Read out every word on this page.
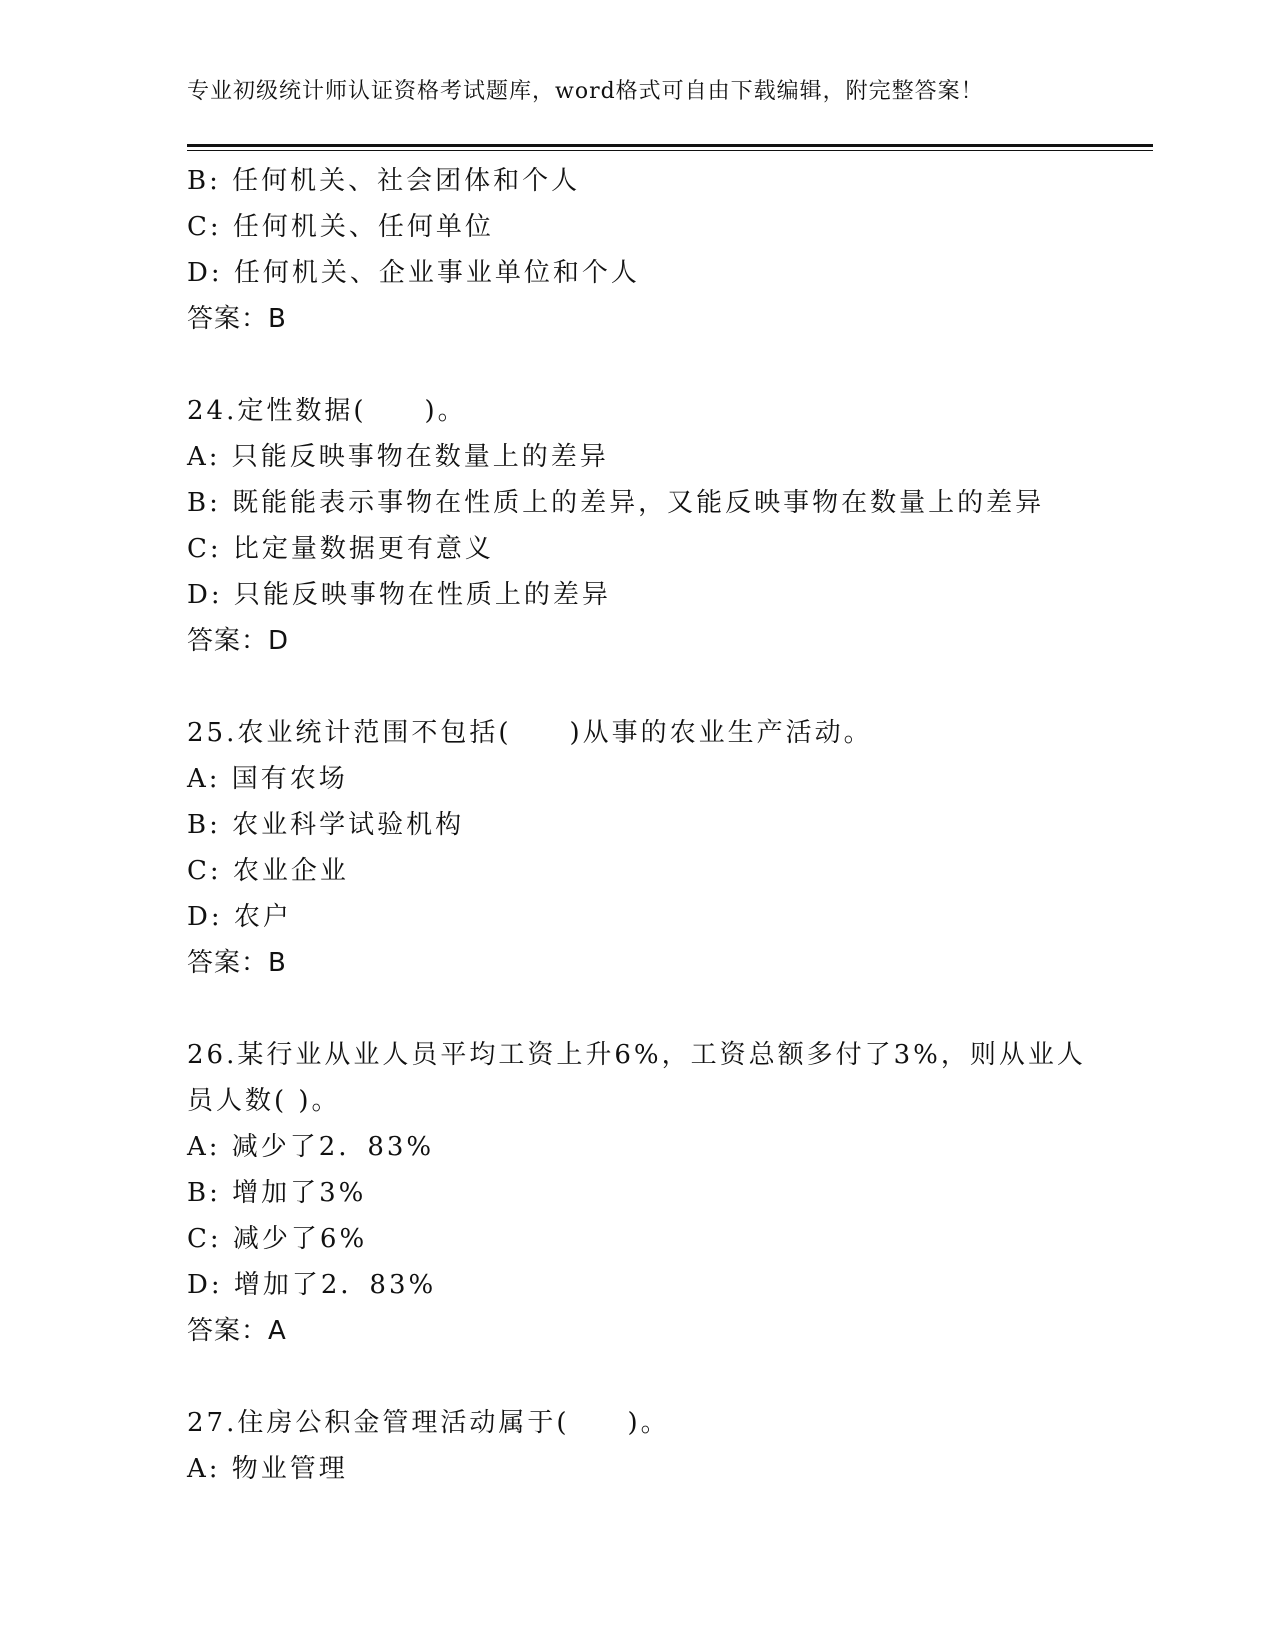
专业初级统计师认证资格考试题库，word格式可自由下载编辑，附完整答案！
B: 任何机关、社会团体和个人
C: 任何机关、任何单位
D: 任何机关、企业事业单位和个人
答案：B
24.定性数据(　　)。
A: 只能反映事物在数量上的差异
B: 既能能表示事物在性质上的差异，又能反映事物在数量上的差异
C: 比定量数据更有意义
D: 只能反映事物在性质上的差异
答案：D
25.农业统计范围不包括(　　)从事的农业生产活动。
A: 国有农场
B: 农业科学试验机构
C: 农业企业
D: 农户
答案：B
26.某行业从业人员平均工资上升6%，工资总额多付了3%，则从业人
员人数( )。
A: 减少了2．83%
B: 增加了3%
C: 减少了6%
D: 增加了2．83%
答案：A
27.住房公积金管理活动属于(　　)。
A: 物业管理
